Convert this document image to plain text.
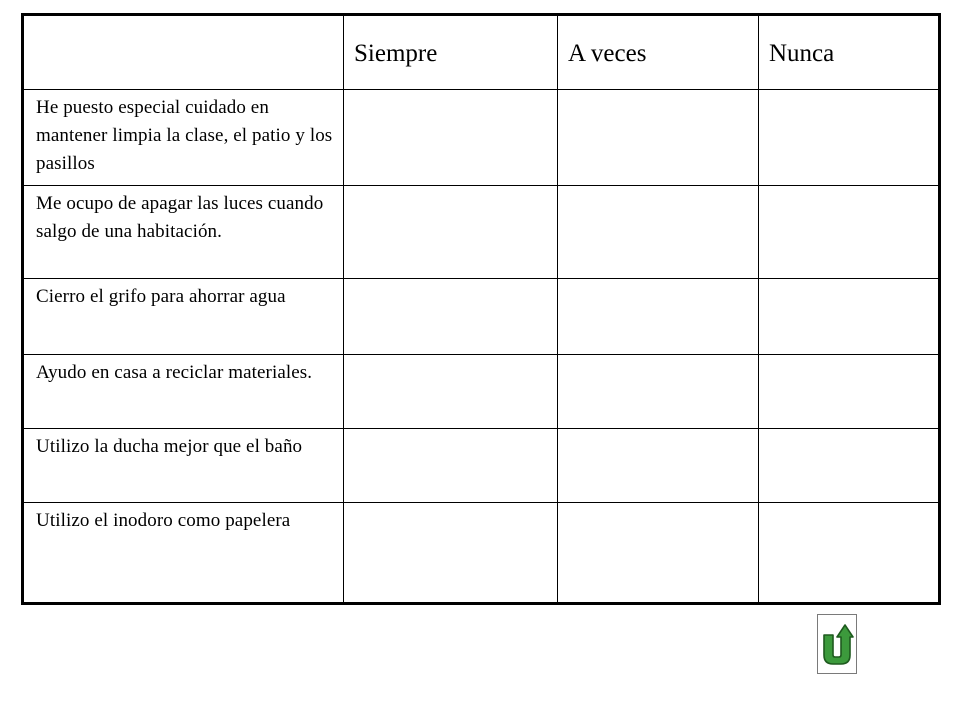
	Siempre	A veces	Nunca
He puesto especial cuidado en mantener limpia la clase, el patio y los pasillos			
Me ocupo de apagar las luces cuando salgo de una habitación.			
Cierro el grifo para ahorrar agua			
Ayudo en casa a reciclar materiales.			
Utilizo la ducha mejor que el baño			
Utilizo el inodoro como papelera			
